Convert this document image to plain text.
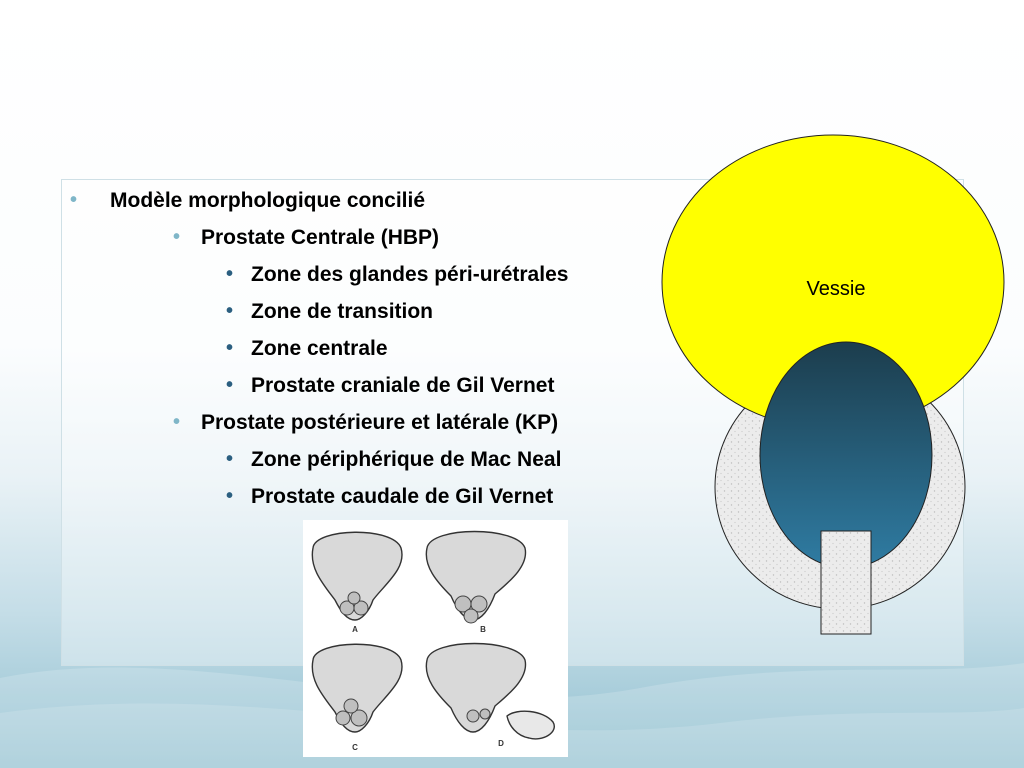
• Modèle morphologique concilié
• Prostate Centrale (HBP)
• Zone des glandes péri-urétrales
• Zone de transition
• Zone centrale
• Prostate craniale de Gil Vernet
• Prostate postérieure et latérale (KP)
• Zone périphérique de Mac Neal
• Prostate caudale de Gil Vernet
Vessie
A	B
C	D
